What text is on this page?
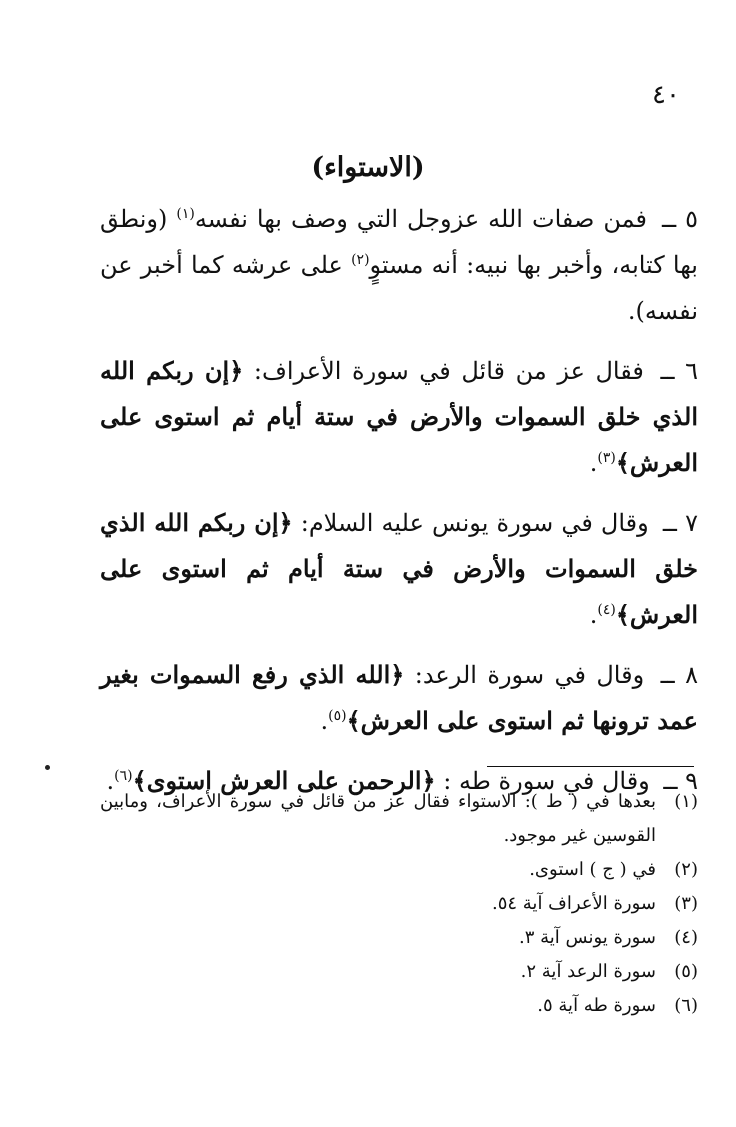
٤٠
(الاستواء)

٥ ــ فمن صفات الله عزوجل التي وصف بها نفسه$^{(١)}$ (ونطق بها كتابه، وأخبر بها نبيه: أنه مستوٍ$^{(٢)}$ على عرشه كما أخبر عن نفسه).

٦ ــ فقال عز من قائل في سورة الأعراف: ﴿إن ربكم الله الذي خلق السموات والأرض في ستة أيام ثم استوى على العرش﴾$^{(٣)}$.

٧ ــ وقال في سورة يونس عليه السلام: ﴿إن ربكم الله الذي خلق السموات والأرض في ستة أيام ثم استوى على العرش﴾$^{(٤)}$.

٨ ــ وقال في سورة الرعد: ﴿الله الذي رفع السموات بغير عمد ترونها ثم استوى على العرش﴾$^{(٥)}$.

٩ ــ وقال في سورة طه : ﴿الرحمن على العرش استوى﴾$^{(٦)}$.

(١)
بعدها في ( ط ): الاستواء فقال عز من قائل في سورة الأعراف، ومابين القوسين غير موجود.
(٢)
في ( ج ) استوى.
(٣)
سورة الأعراف آية ٥٤.
(٤)
سورة يونس آية ٣.
(٥)
سورة الرعد آية ٢.
(٦)
سورة طه آية ٥.
